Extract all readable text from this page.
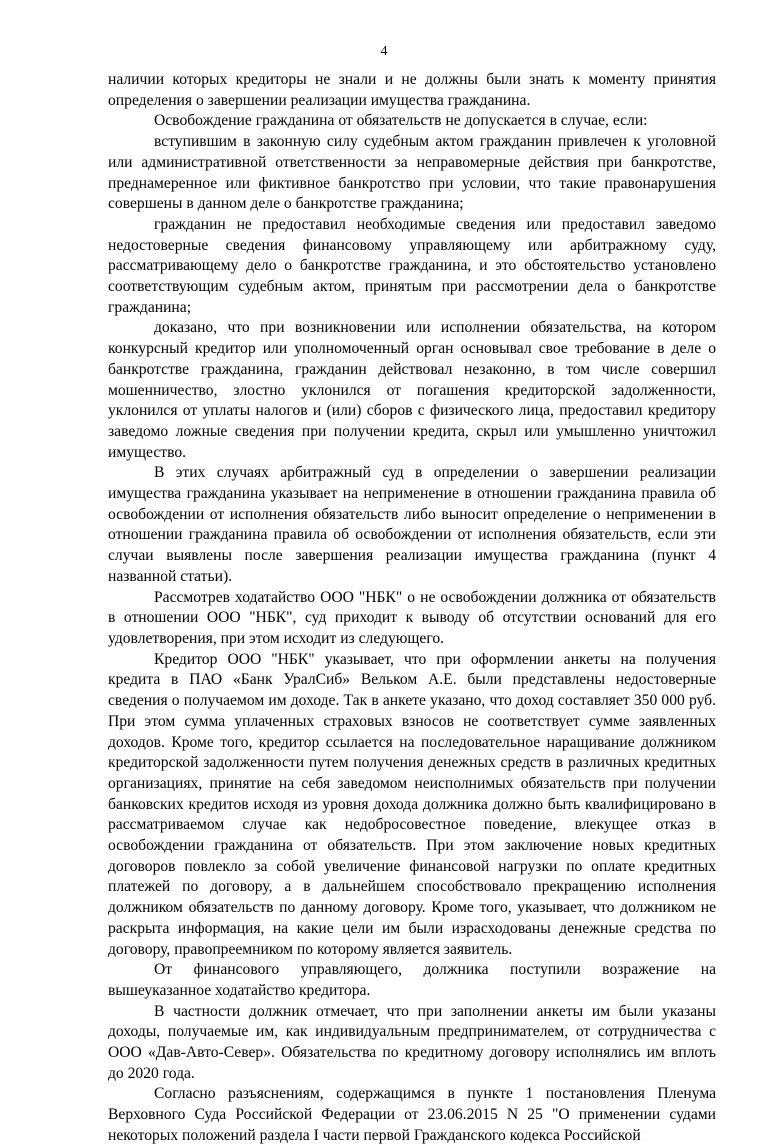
4

наличии которых кредиторы не знали и не должны были знать к моменту принятия определения о завершении реализации имущества гражданина.

Освобождение гражданина от обязательств не допускается в случае, если:

вступившим в законную силу судебным актом гражданин привлечен к уголовной или административной ответственности за неправомерные действия при банкротстве, преднамеренное или фиктивное банкротство при условии, что такие правонарушения совершены в данном деле о банкротстве гражданина;

гражданин не предоставил необходимые сведения или предоставил заведомо недостоверные сведения финансовому управляющему или арбитражному суду, рассматривающему дело о банкротстве гражданина, и это обстоятельство установлено соответствующим судебным актом, принятым при рассмотрении дела о банкротстве гражданина;

доказано, что при возникновении или исполнении обязательства, на котором конкурсный кредитор или уполномоченный орган основывал свое требование в деле о банкротстве гражданина, гражданин действовал незаконно, в том числе совершил мошенничество, злостно уклонился от погашения кредиторской задолженности, уклонился от уплаты налогов и (или) сборов с физического лица, предоставил кредитору заведомо ложные сведения при получении кредита, скрыл или умышленно уничтожил имущество.

В этих случаях арбитражный суд в определении о завершении реализации имущества гражданина указывает на неприменение в отношении гражданина правила об освобождении от исполнения обязательств либо выносит определение о неприменении в отношении гражданина правила об освобождении от исполнения обязательств, если эти случаи выявлены после завершения реализации имущества гражданина (пункт 4 названной статьи).

Рассмотрев ходатайство ООО "НБК" о не освобождении должника от обязательств в отношении ООО "НБК", суд приходит к выводу об отсутствии оснований для его удовлетворения, при этом исходит из следующего.

Кредитор ООО "НБК" указывает, что при оформлении анкеты на получения кредита в ПАО «Банк УралСиб» Вельком А.Е. были представлены недостоверные сведения о получаемом им доходе. Так в анкете указано, что доход составляет 350 000 руб. При этом сумма уплаченных страховых взносов не соответствует сумме заявленных доходов. Кроме того, кредитор ссылается на последовательное наращивание должником кредиторской задолженности путем получения денежных средств в различных кредитных организациях, принятие на себя заведомом неисполнимых обязательств при получении банковских кредитов исходя из уровня дохода должника должно быть квалифицировано в рассматриваемом случае как недобросовестное поведение, влекущее отказ в освобождении гражданина от обязательств. При этом заключение новых кредитных договоров повлекло за собой увеличение финансовой нагрузки по оплате кредитных платежей по договору, а в дальнейшем способствовало прекращению исполнения должником обязательств по данному договору. Кроме того, указывает, что должником не раскрыта информация, на какие цели им были израсходованы денежные средства по договору, правопреемником по которому является заявитель.

От финансового управляющего, должника поступили возражение на вышеуказанное ходатайство кредитора.

В частности должник отмечает, что при заполнении анкеты им были указаны доходы, получаемые им, как индивидуальным предпринимателем, от сотрудничества с ООО «Дав-Авто-Север». Обязательства по кредитному договору исполнялись им вплоть до 2020 года.

Согласно разъяснениям, содержащимся в пункте 1 постановления Пленума Верховного Суда Российской Федерации от 23.06.2015 N 25 "О применении судами некоторых положений раздела I части первой Гражданского кодекса Российской
